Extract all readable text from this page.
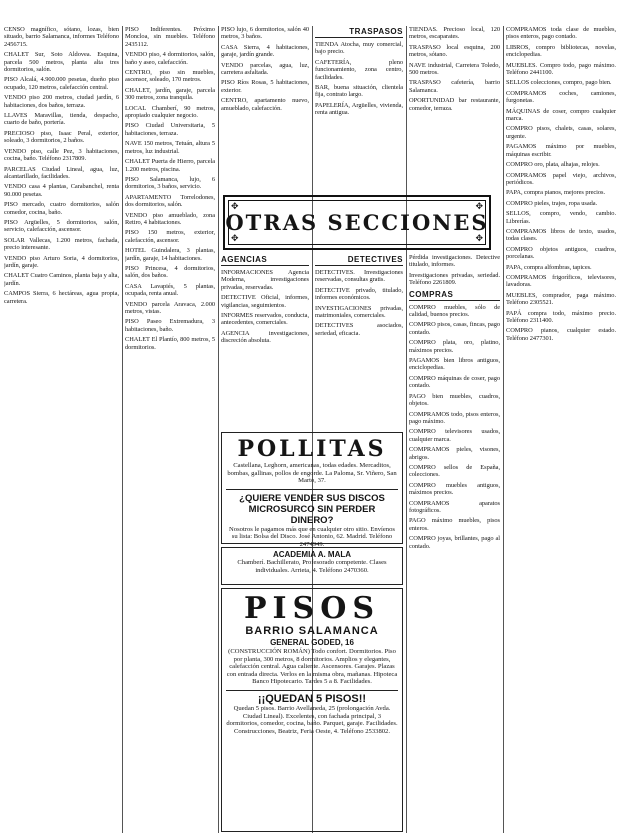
CENSO magnífico, sótano, lozas, bien situado, barrio Salamanca, informes Teléfono 2456715.

CHALET Sur, Soto Aldovea. Esquina, parcela 500 metros, planta alta tres dormitorios, salón.

PISO Alcalá, 4.900.000 pesetas, dueño piso ocupado, 120 metros, calefacción central.

VENDO piso 200 metros, ciudad jardín, 6 habitaciones, dos baños, terraza.

LLAVES Maravillas, tienda, despacho, cuarto de baño, portería.

PRECIOSO piso, Isaac Peral, exterior, soleado, 3 dormitorios, 2 baños.

VENDO piso, calle Pez, 3 habitaciones, cocina, baño. Teléfono 2317809.

PARCELAS Ciudad Lineal, agua, luz, alcantarillado, facilidades.

VENDO casa 4 plantas, Carabanchel, renta 90.000 pesetas.

PISO mercado, cuatro dormitorios, salón comedor, cocina, baño.

PISO Argüelles, 5 dormitorios, salón, servicio, calefacción, ascensor.

SOLAR Vallecas, 1.200 metros, fachada, precio interesante.

VENDO piso Arturo Soria, 4 dormitorios, jardín, garaje.

CHALET Cuatro Caminos, planta baja y alta, jardín.

CAMPOS Sierra, 6 hectáreas, agua propia, carretera.

PISO Indiferentes. Próximo Moncloa, sin muebles. Teléfono 2435112.

VENDO piso, 4 dormitorios, salón, baño y aseo, calefacción.

CENTRO, piso sin muebles, ascensor, soleado, 170 metros.

CHALET, jardín, garaje, parcela 300 metros, zona tranquila.

LOCAL Chamberí, 90 metros, apropiado cualquier negocio.

PISO Ciudad Universitaria, 5 habitaciones, terraza.

NAVE 150 metros, Tetuán, altura 5 metros, luz industrial.

CHALET Puerta de Hierro, parcela 1.200 metros, piscina.

PISO Salamanca, lujo, 6 dormitorios, 3 baños, servicio.

APARTAMENTO Torrelodones, dos dormitorios, salón.

VENDO piso amueblado, zona Retiro, 4 habitaciones.

PISO 150 metros, exterior, calefacción, ascensor.

HOTEL Guindalera, 3 plantas, jardín, garaje, 14 habitaciones.

PISO Princesa, 4 dormitorios, salón, dos baños.

CASA Lavapiés, 5 plantas, ocupada, renta anual.

VENDO parcela Aravaca, 2.000 metros, vistas.

PISO Paseo Extremadura, 3 habitaciones, baño.

CHALET El Plantío, 800 metros, 5 dormitorios.

PISO lujo, 6 dormitorios, salón 40 metros, 3 baños.

CASA Sierra, 4 habitaciones, garaje, jardín grande.

VENDO parcelas, agua, luz, carretera asfaltada.

PISO Ríos Rosas, 5 habitaciones, exterior.

CENTRO, apartamento nuevo, amueblado, calefacción.

TRASPASOS

TIENDA Atocha, muy comercial, bajo precio.

CAFETERÍA, pleno funcionamiento, zona centro, facilidades.

BAR, buena situación, clientela fija, contrato largo.

PAPELERÍA, Argüelles, vivienda, renta antigua.

TIENDAS. Precioso local, 120 metros, escaparates.

TRASPASO local esquina, 200 metros, sótano.

NAVE industrial, Carretera Toledo, 500 metros.

TRASPASO cafetería, barrio Salamanca.

OPORTUNIDAD bar restaurante, comedor, terraza.

COMPRAMOS toda clase de muebles, pisos enteros, pago contado.

LIBROS, compro bibliotecas, novelas, enciclopedias.

MUEBLES. Compro todo, pago máximo. Teléfono 2441100.

SELLOS colecciones, compro, pago bien.

COMPRAMOS coches, camiones, furgonetas.

MÁQUINAS de coser, compro cualquier marca.

COMPRO pisos, chalets, casas, solares, urgente.

PAGAMOS máximo por muebles, máquinas escribir.

COMPRO oro, plata, alhajas, relojes.

COMPRAMOS papel viejo, archivos, periódicos.

PAPA, compra pianos, mejores precios.

COMPRO pieles, trajes, ropa usada.

SELLOS, compro, vendo, cambio. Librerías.

COMPRAMOS libros de texto, usados, todas clases.

COMPRO objetos antiguos, cuadros, porcelanas.

PAPA, compra alfombras, tapices.

COMPRAMOS frigoríficos, televisores, lavadoras.

MUEBLES, comprador, paga máximo. Teléfono 2305521.

PAPÁ compra todo, máximo precio. Teléfono 2311400.

COMPRO pianos, cualquier estado. Teléfono 2477301.

✥	✥
✥	✥
OTRAS SECCIONES
AGENCIAS

INFORMACIONES Agencia Moderna, investigaciones privadas, reservadas.

DETECTIVE Oficial, informes, vigilancias, seguimientos.

INFORMES reservados, conducta, antecedentes, comerciales.

AGENCIA investigaciones, discreción absoluta.

DETECTIVES

DETECTIVES. Investigaciones reservadas, consultas gratis.

DETECTIVE privado, titulado, informes económicos.

INVESTIGACIONES privadas, matrimoniales, comerciales.

DETECTIVES asociados, seriedad, eficacia.

Pérdida investigaciones. Detective titulado, informes.

Investigaciones privadas, seriedad. Teléfono 2261809.

COMPRAS

COMPRO muebles, sólo de calidad, buenos precios.

COMPRO pisos, casas, fincas, pago contado.

COMPRO plata, oro, platino, máximos precios.

PAGAMOS bien libros antiguos, enciclopedias.

COMPRO máquinas de coser, pago contado.

PAGO bien muebles, cuadros, objetos.

COMPRAMOS todo, pisos enteros, pago máximo.

COMPRO televisores usados, cualquier marca.

COMPRAMOS pieles, visones, abrigos.

COMPRO sellos de España, colecciones.

COMPRO muebles antiguos, máximos precios.

COMPRAMOS aparatos fotográficos.

PAGO máximo muebles, pisos enteros.

COMPRO joyas, brillantes, pago al contado.

POLLITAS
Castellana, Leghorn, americanas, todas edades. Mercaditos, bombas, gallinas, pollos de engorde. La Paloma, Sr. Viñero, San Marto, 37.
¿QUIERE VENDER SUS DISCOS MICROSURCO SIN PERDER DINERO?
Nosotros le pagamos más que en cualquier otro sitio. Envíenos su lista: Bolsa del Disco. José Antonio, 62. Madrid. Teléfono 2474949.
ACADEMIA A. MALA
Chamberí. Bachillerato, Profesorado competente. Clases individuales. Arrieta, 4. Teléfono 2470360.
PISOS
BARRIO SALAMANCA
GENERAL GODED, 16
(CONSTRUCCIÓN ROMÁN) Todo confort. Dormitorios. Piso por planta, 300 metros, 8 dormitorios. Amplios y elegantes, calefacción central. Agua caliente. Ascensores. Garajes. Plazas con entrada directa. Verlos en la misma obra, mañanas. Hipoteca Banco Hipotecario. Tardes 5 a 8. Facilidades.
¡¡QUEDAN 5 PISOS!!
Quedan 5 pisos. Barrio Avellaneda, 25 (prolongación Avda. Ciudad Lineal). Excelentes, con fachada principal, 3 dormitorios, comedor, cocina, baño. Parquet, garaje. Facilidades. Construcciones, Beatriz, Feria Oeste, 4. Teléfono 2533802.
